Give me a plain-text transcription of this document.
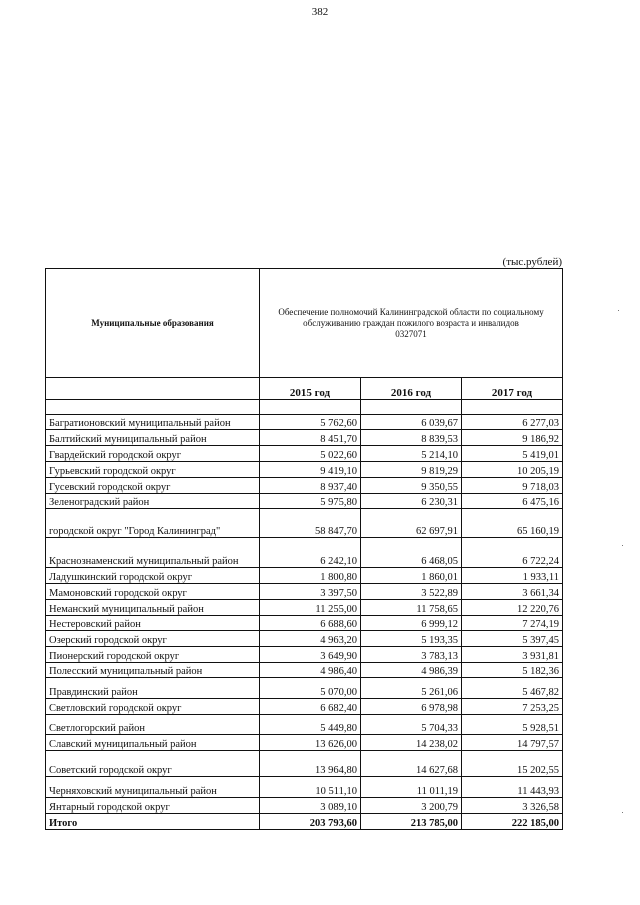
382
(тыс.рублей)
Муниципальные образования	Обеспечение полномочий Калининградской области по социальному
обслуживанию граждан пожилого возраста и инвалидов
0327071		

	2015 год	2016 год	2017 год

Багратионовский муниципальный район	5 762,60	6 039,67	6 277,03
Балтийский муниципальный район	8 451,70	8 839,53	9 186,92
Гвардейский городской округ	5 022,60	5 214,10	5 419,01
Гурьевский городской округ	9 419,10	9 819,29	10 205,19
Гусевский городской округ	8 937,40	9 350,55	9 718,03
Зеленоградский район	5 975,80	6 230,31	6 475,16
городской округ "Город Калининград"	58 847,70	62 697,91	65 160,19
Краснознаменский муниципальный район	6 242,10	6 468,05	6 722,24
Ладушкинский городской округ	1 800,80	1 860,01	1 933,11
Мамоновский городской округ	3 397,50	3 522,89	3 661,34
Неманский муниципальный район	11 255,00	11 758,65	12 220,76
Нестеровский район	6 688,60	6 999,12	7 274,19
Озерский городской округ	4 963,20	5 193,35	5 397,45
Пионерский городской округ	3 649,90	3 783,13	3 931,81
Полесский муниципальный район	4 986,40	4 986,39	5 182,36
Правдинский район	5 070,00	5 261,06	5 467,82
Светловский городской округ	6 682,40	6 978,98	7 253,25
Светлогорский район	5 449,80	5 704,33	5 928,51
Славский муниципальный район	13 626,00	14 238,02	14 797,57
Советский городской округ	13 964,80	14 627,68	15 202,55
Черняховский муниципальный район	10 511,10	11 011,19	11 443,93
Янтарный городской округ	3 089,10	3 200,79	3 326,58
Итого	203 793,60	213 785,00	222 185,00
